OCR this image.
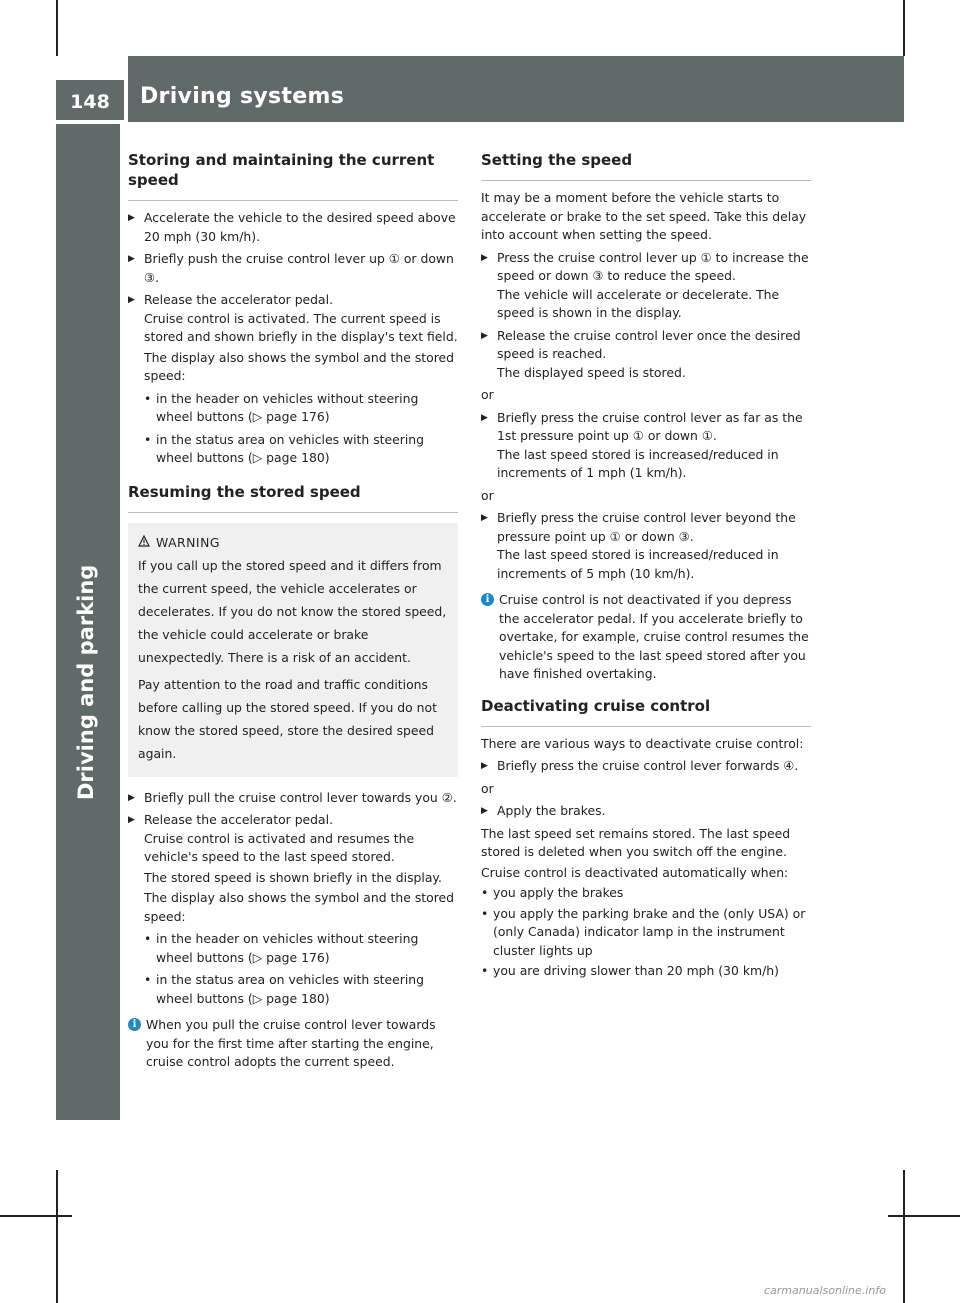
148	Driving systems
Driving and parking
Storing and maintaining the current speed
▶ Accelerate the vehicle to the desired speed above 20 mph (30 km/h).
▶ Briefly push the cruise control lever up ① or down ③.
▶ Release the accelerator pedal.
Cruise control is activated. The current speed is stored and shown briefly in the display's text field.
The display also shows the symbol and the stored speed:
• in the header on vehicles without steering wheel buttons (▷ page 176)
• in the status area on vehicles with steering wheel buttons (▷ page 180)
Resuming the stored speed
WARNING

If you call up the stored speed and it differs from the current speed, the vehicle accelerates or decelerates. If you do not know the stored speed, the vehicle could accelerate or brake unexpectedly. There is a risk of an accident.

Pay attention to the road and traffic conditions before calling up the stored speed. If you do not know the stored speed, store the desired speed again.

▶ Briefly pull the cruise control lever towards you ②.
▶ Release the accelerator pedal.
Cruise control is activated and resumes the vehicle's speed to the last speed stored.
The stored speed is shown briefly in the display.
The display also shows the symbol and the stored speed:
• in the header on vehicles without steering wheel buttons (▷ page 176)
• in the status area on vehicles with steering wheel buttons (▷ page 180)
i When you pull the cruise control lever towards you for the first time after starting the engine, cruise control adopts the current speed.
Setting the speed

It may be a moment before the vehicle starts to accelerate or brake to the set speed. Take this delay into account when setting the speed.

▶ Press the cruise control lever up ① to increase the speed or down ③ to reduce the speed.
The vehicle will accelerate or decelerate. The speed is shown in the display.
▶ Release the cruise control lever once the desired speed is reached.
The displayed speed is stored.

or

▶ Briefly press the cruise control lever as far as the 1st pressure point up ① or down ①.
The last speed stored is increased/reduced in increments of 1 mph (1 km/h).

or

▶ Briefly press the cruise control lever beyond the pressure point up ① or down ③.
The last speed stored is increased/reduced in increments of 5 mph (10 km/h).
i Cruise control is not deactivated if you depress the accelerator pedal. If you accelerate briefly to overtake, for example, cruise control resumes the vehicle's speed to the last speed stored after you have finished overtaking.
Deactivating cruise control

There are various ways to deactivate cruise control:

▶ Briefly press the cruise control lever forwards ④.

or

▶ Apply the brakes.

The last speed set remains stored. The last speed stored is deleted when you switch off the engine.

Cruise control is deactivated automatically when:

• you apply the brakes
• you apply the parking brake and the (only USA) or (only Canada) indicator lamp in the instrument cluster lights up
• you are driving slower than 20 mph (30 km/h)
carmanualsonline.info
